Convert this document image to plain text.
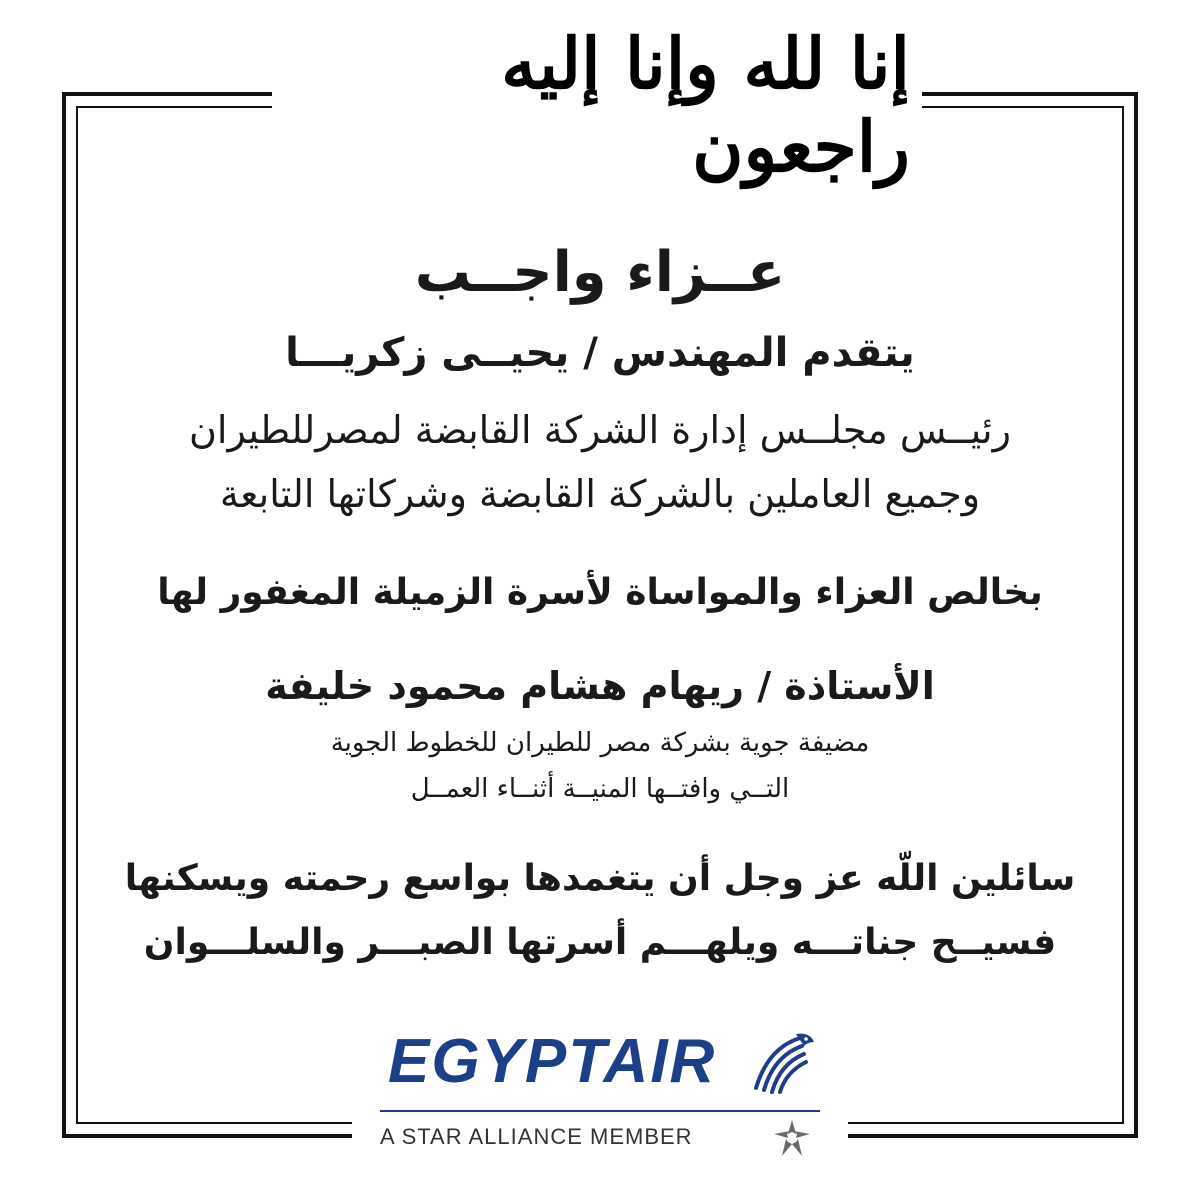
إنا لله وإنا إليه راجعون
عــزاء واجــب
يتقدم المهندس / يحيــى زكريـــا
رئيــس مجلــس إدارة الشركة القابضة لمصرللطيران
وجميع العاملين بالشركة القابضة وشركاتها التابعة
بخالص العزاء والمواساة لأسرة الزميلة المغفور لها
الأستاذة / ريهام هشام محمود خليفة
مضيفة جوية بشركة مصر للطيران للخطوط الجوية
التــي وافتــها المنيــة أثنــاء العمــل
سائلين اللّه عز وجل أن يتغمدها بواسع رحمته ويسكنها
فسيــح جناتـــه ويلهـــم أسرتها الصبـــر والسلـــوان
EGYPTAIR
A STAR ALLIANCE MEMBER
